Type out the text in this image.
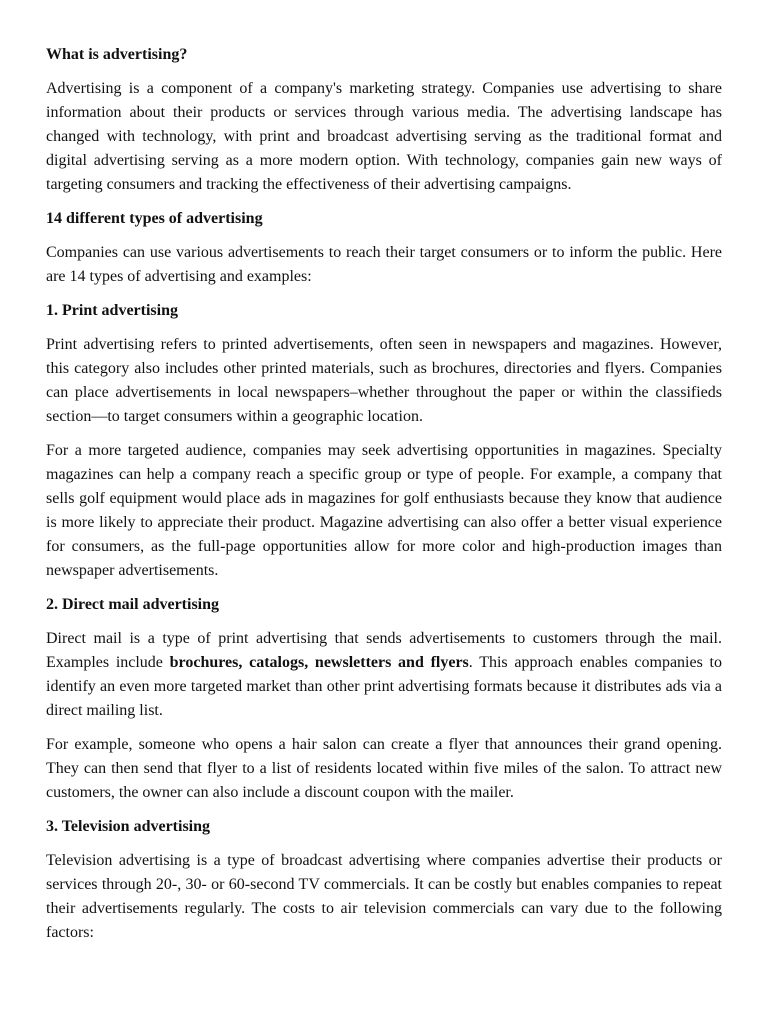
What is advertising?

Advertising is a component of a company's marketing strategy. Companies use advertising to share information about their products or services through various media. The advertising landscape has changed with technology, with print and broadcast advertising serving as the traditional format and digital advertising serving as a more modern option. With technology, companies gain new ways of targeting consumers and tracking the effectiveness of their advertising campaigns.

14 different types of advertising

Companies can use various advertisements to reach their target consumers or to inform the public. Here are 14 types of advertising and examples:

1. Print advertising

Print advertising refers to printed advertisements, often seen in newspapers and magazines. However, this category also includes other printed materials, such as brochures, directories and flyers. Companies can place advertisements in local newspapers–whether throughout the paper or within the classifieds section—to target consumers within a geographic location.

For a more targeted audience, companies may seek advertising opportunities in magazines. Specialty magazines can help a company reach a specific group or type of people. For example, a company that sells golf equipment would place ads in magazines for golf enthusiasts because they know that audience is more likely to appreciate their product. Magazine advertising can also offer a better visual experience for consumers, as the full-page opportunities allow for more color and high-production images than newspaper advertisements.

2. Direct mail advertising

Direct mail is a type of print advertising that sends advertisements to customers through the mail. Examples include brochures, catalogs, newsletters and flyers. This approach enables companies to identify an even more targeted market than other print advertising formats because it distributes ads via a direct mailing list.

For example, someone who opens a hair salon can create a flyer that announces their grand opening. They can then send that flyer to a list of residents located within five miles of the salon. To attract new customers, the owner can also include a discount coupon with the mailer.

3. Television advertising

Television advertising is a type of broadcast advertising where companies advertise their products or services through 20-, 30- or 60-second TV commercials. It can be costly but enables companies to repeat their advertisements regularly. The costs to air television commercials can vary due to the following factors:
